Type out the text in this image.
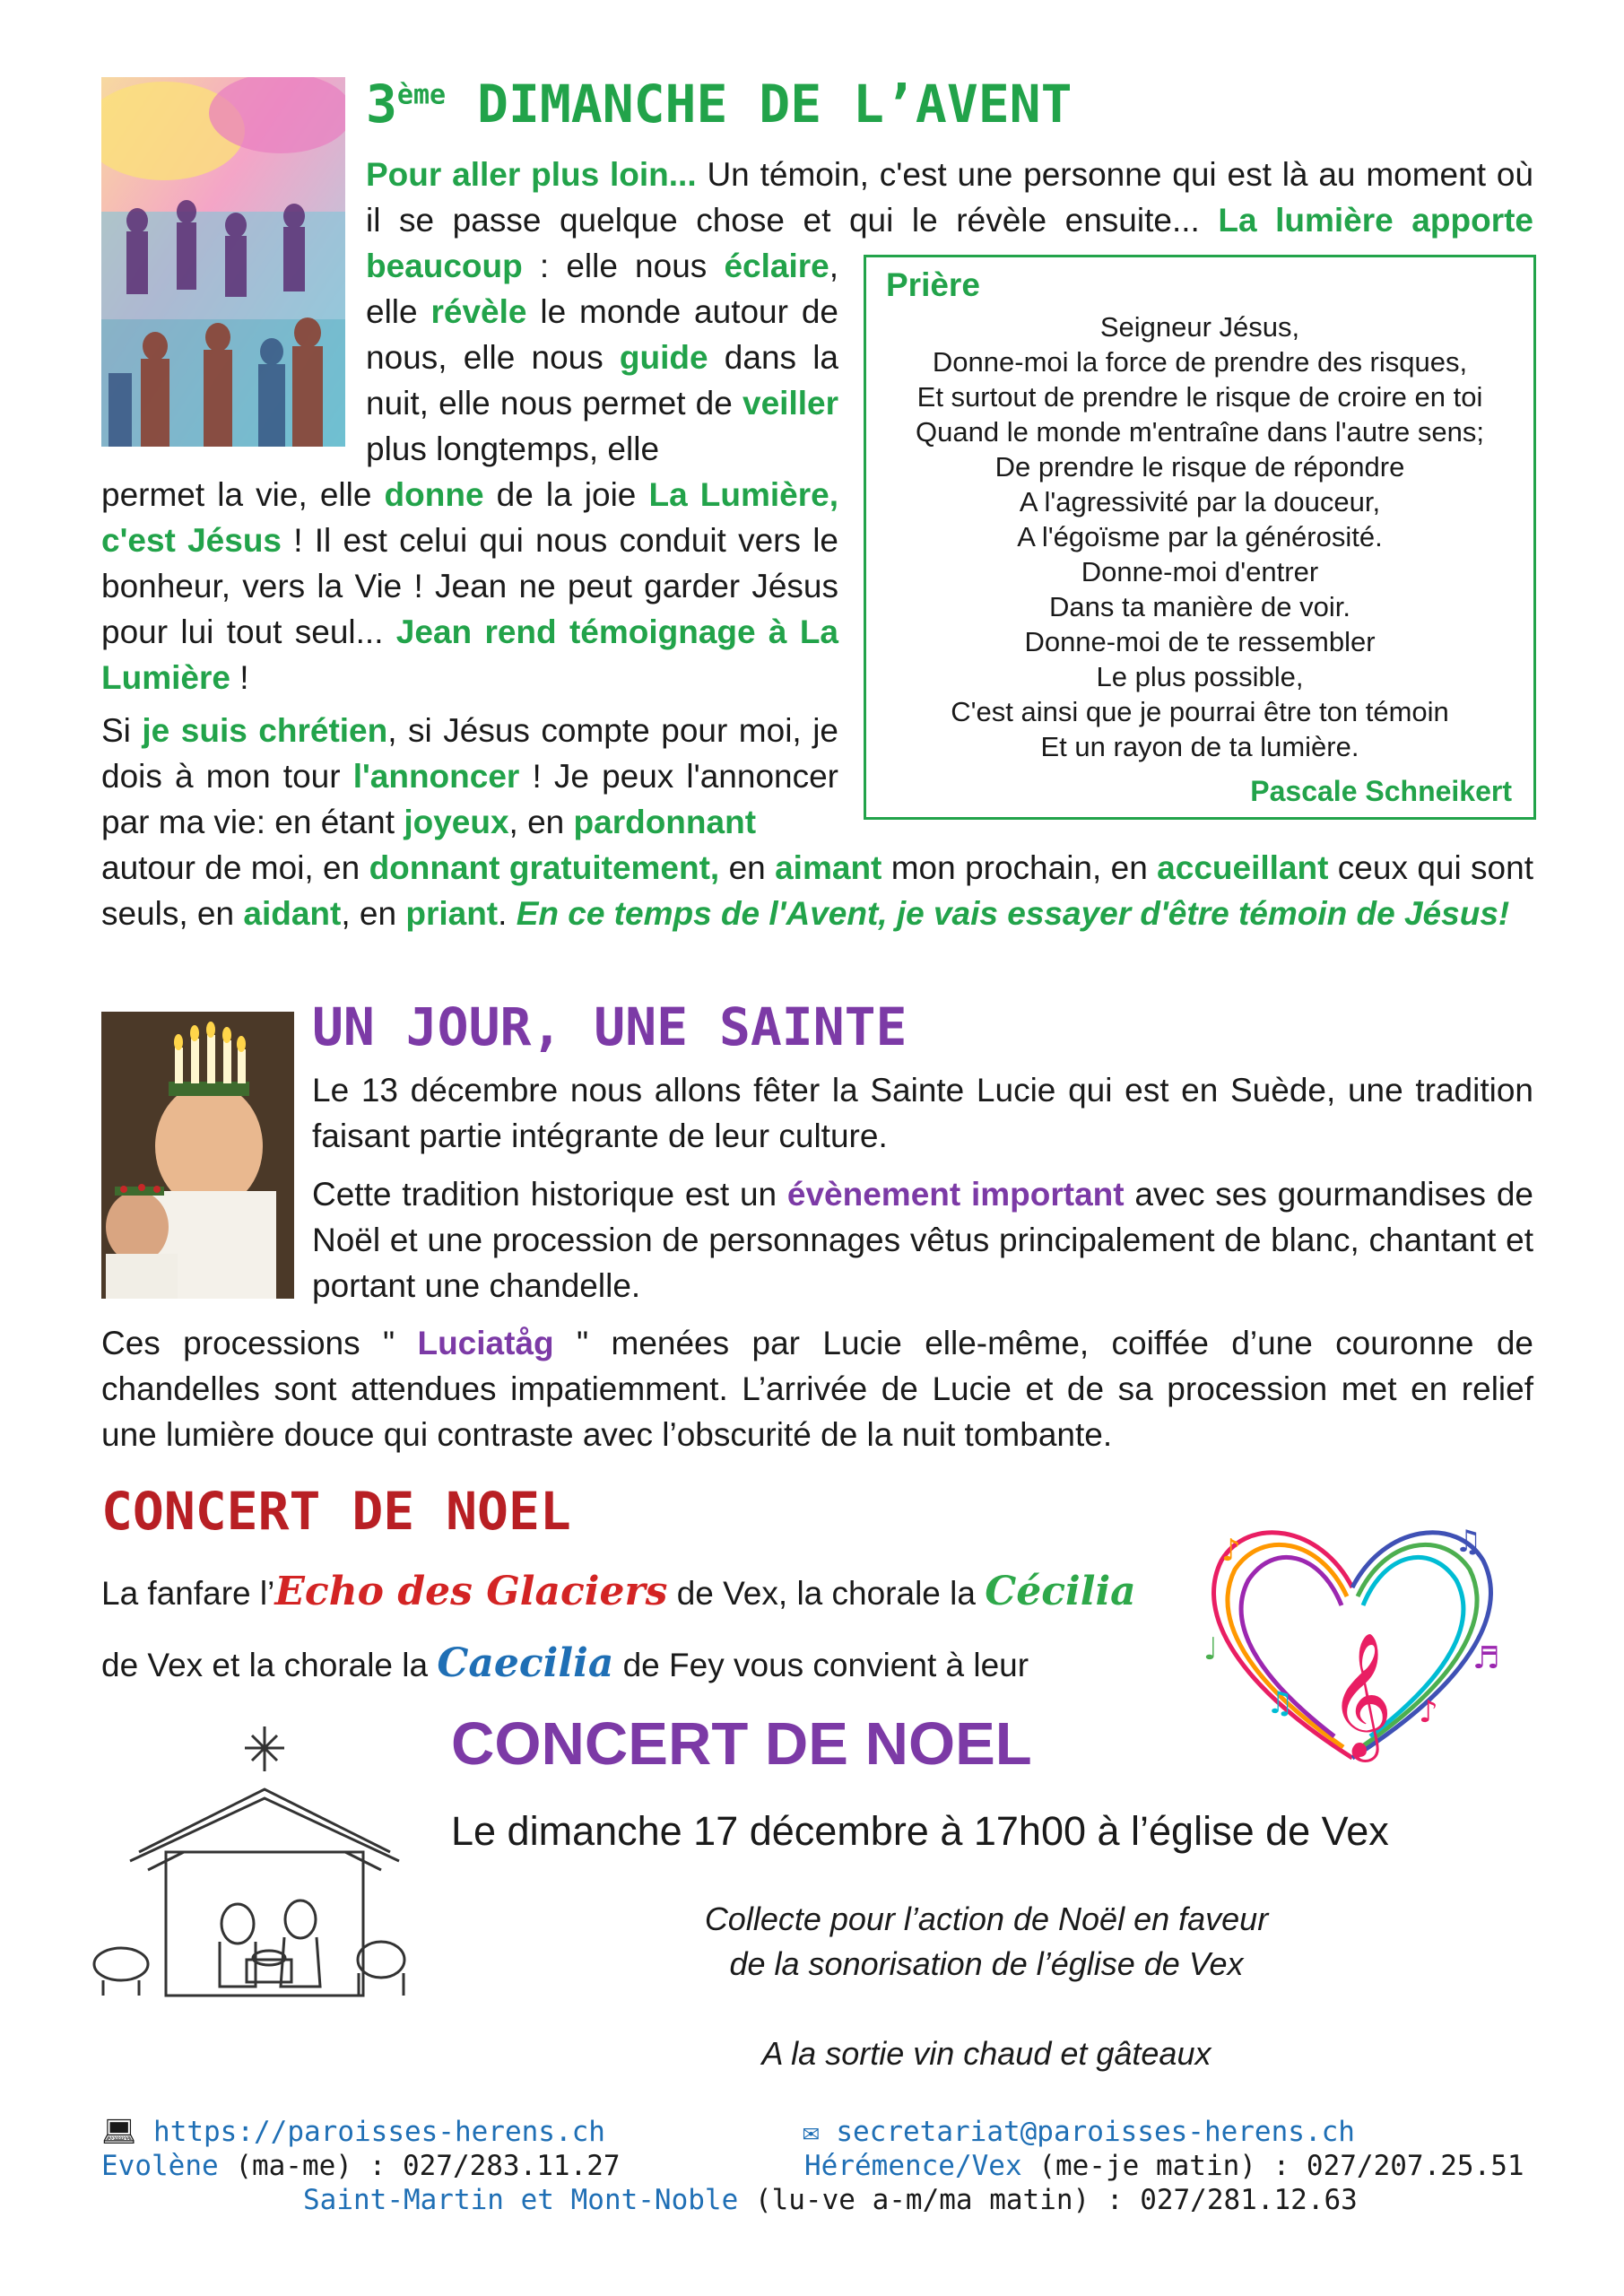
3ème DIMANCHE DE L’AVENT
Pour aller plus loin... Un témoin, c'est une personne qui est là au moment où il se passe quelque chose et qui le révèle ensuite... La lumière apporte
beaucoup : elle nous éclaire, elle révèle le monde autour de nous, elle nous guide dans la nuit, elle nous permet de veiller plus longtemps, elle
permet la vie, elle donne de la joie La Lumière, c'est Jésus ! Il est celui qui nous conduit vers le bonheur, vers la Vie ! Jean ne peut garder Jésus pour lui tout seul... Jean rend témoignage à La Lumière !
Si je suis chrétien, si Jésus compte pour moi, je dois à mon tour l'annoncer ! Je peux l'annoncer par ma vie: en étant joyeux, en pardonnant
autour de moi, en donnant gratuitement, en aimant mon prochain, en accueillant ceux qui sont seuls, en aidant, en priant. En ce temps de l'Avent, je vais essayer d'être témoin de Jésus!
Prière
Seigneur Jésus,
Donne-moi la force de prendre des risques,
Et surtout de prendre le risque de croire en toi
Quand le monde m'entraîne dans l'autre sens;
De prendre le risque de répondre
A l'agressivité par la douceur,
A l'égoïsme par la générosité.
Donne-moi d'entrer
Dans ta manière de voir.
Donne-moi de te ressembler
Le plus possible,
C'est ainsi que je pourrai être ton témoin
Et un rayon de ta lumière.
Pascale Schneikert
UN JOUR, UNE SAINTE
Le 13 décembre nous allons fêter la Sainte Lucie qui est en Suède, une tradition faisant partie intégrante de leur culture.
Cette tradition historique est un évènement important avec ses gourmandises de Noël et une procession de personnages vêtus principalement de blanc, chantant et portant une chandelle.
Ces processions " Luciatåg " menées par Lucie elle-même, coiffée d’une couronne de chandelles sont attendues impatiemment. L’arrivée de Lucie et de sa procession met en relief une lumière douce qui contraste avec l’obscurité de la nuit tombante.
CONCERT DE NOEL
La fanfare l’Echo des Glaciers de Vex, la chorale la Cécilia
de Vex et la chorale la Caecilia de Fey vous convient à leur	𝄞
♪	♫
♩	♬
♫	♪
CONCERT DE NOEL
Le dimanche 17 décembre à 17h00 à l’église de Vex
Collecte pour l’action de Noël en faveur
de la sonorisation de l’église de Vex
A la sortie vin chaud et gâteaux
💻︎ https://paroisses-herens.ch	✉ secretariat@paroisses-herens.ch
Evolène (ma-me) : 027/283.11.27	Hérémence/Vex (me-je matin) : 027/207.25.51
Saint-Martin et Mont-Noble (lu-ve a-m/ma matin) : 027/281.12.63
